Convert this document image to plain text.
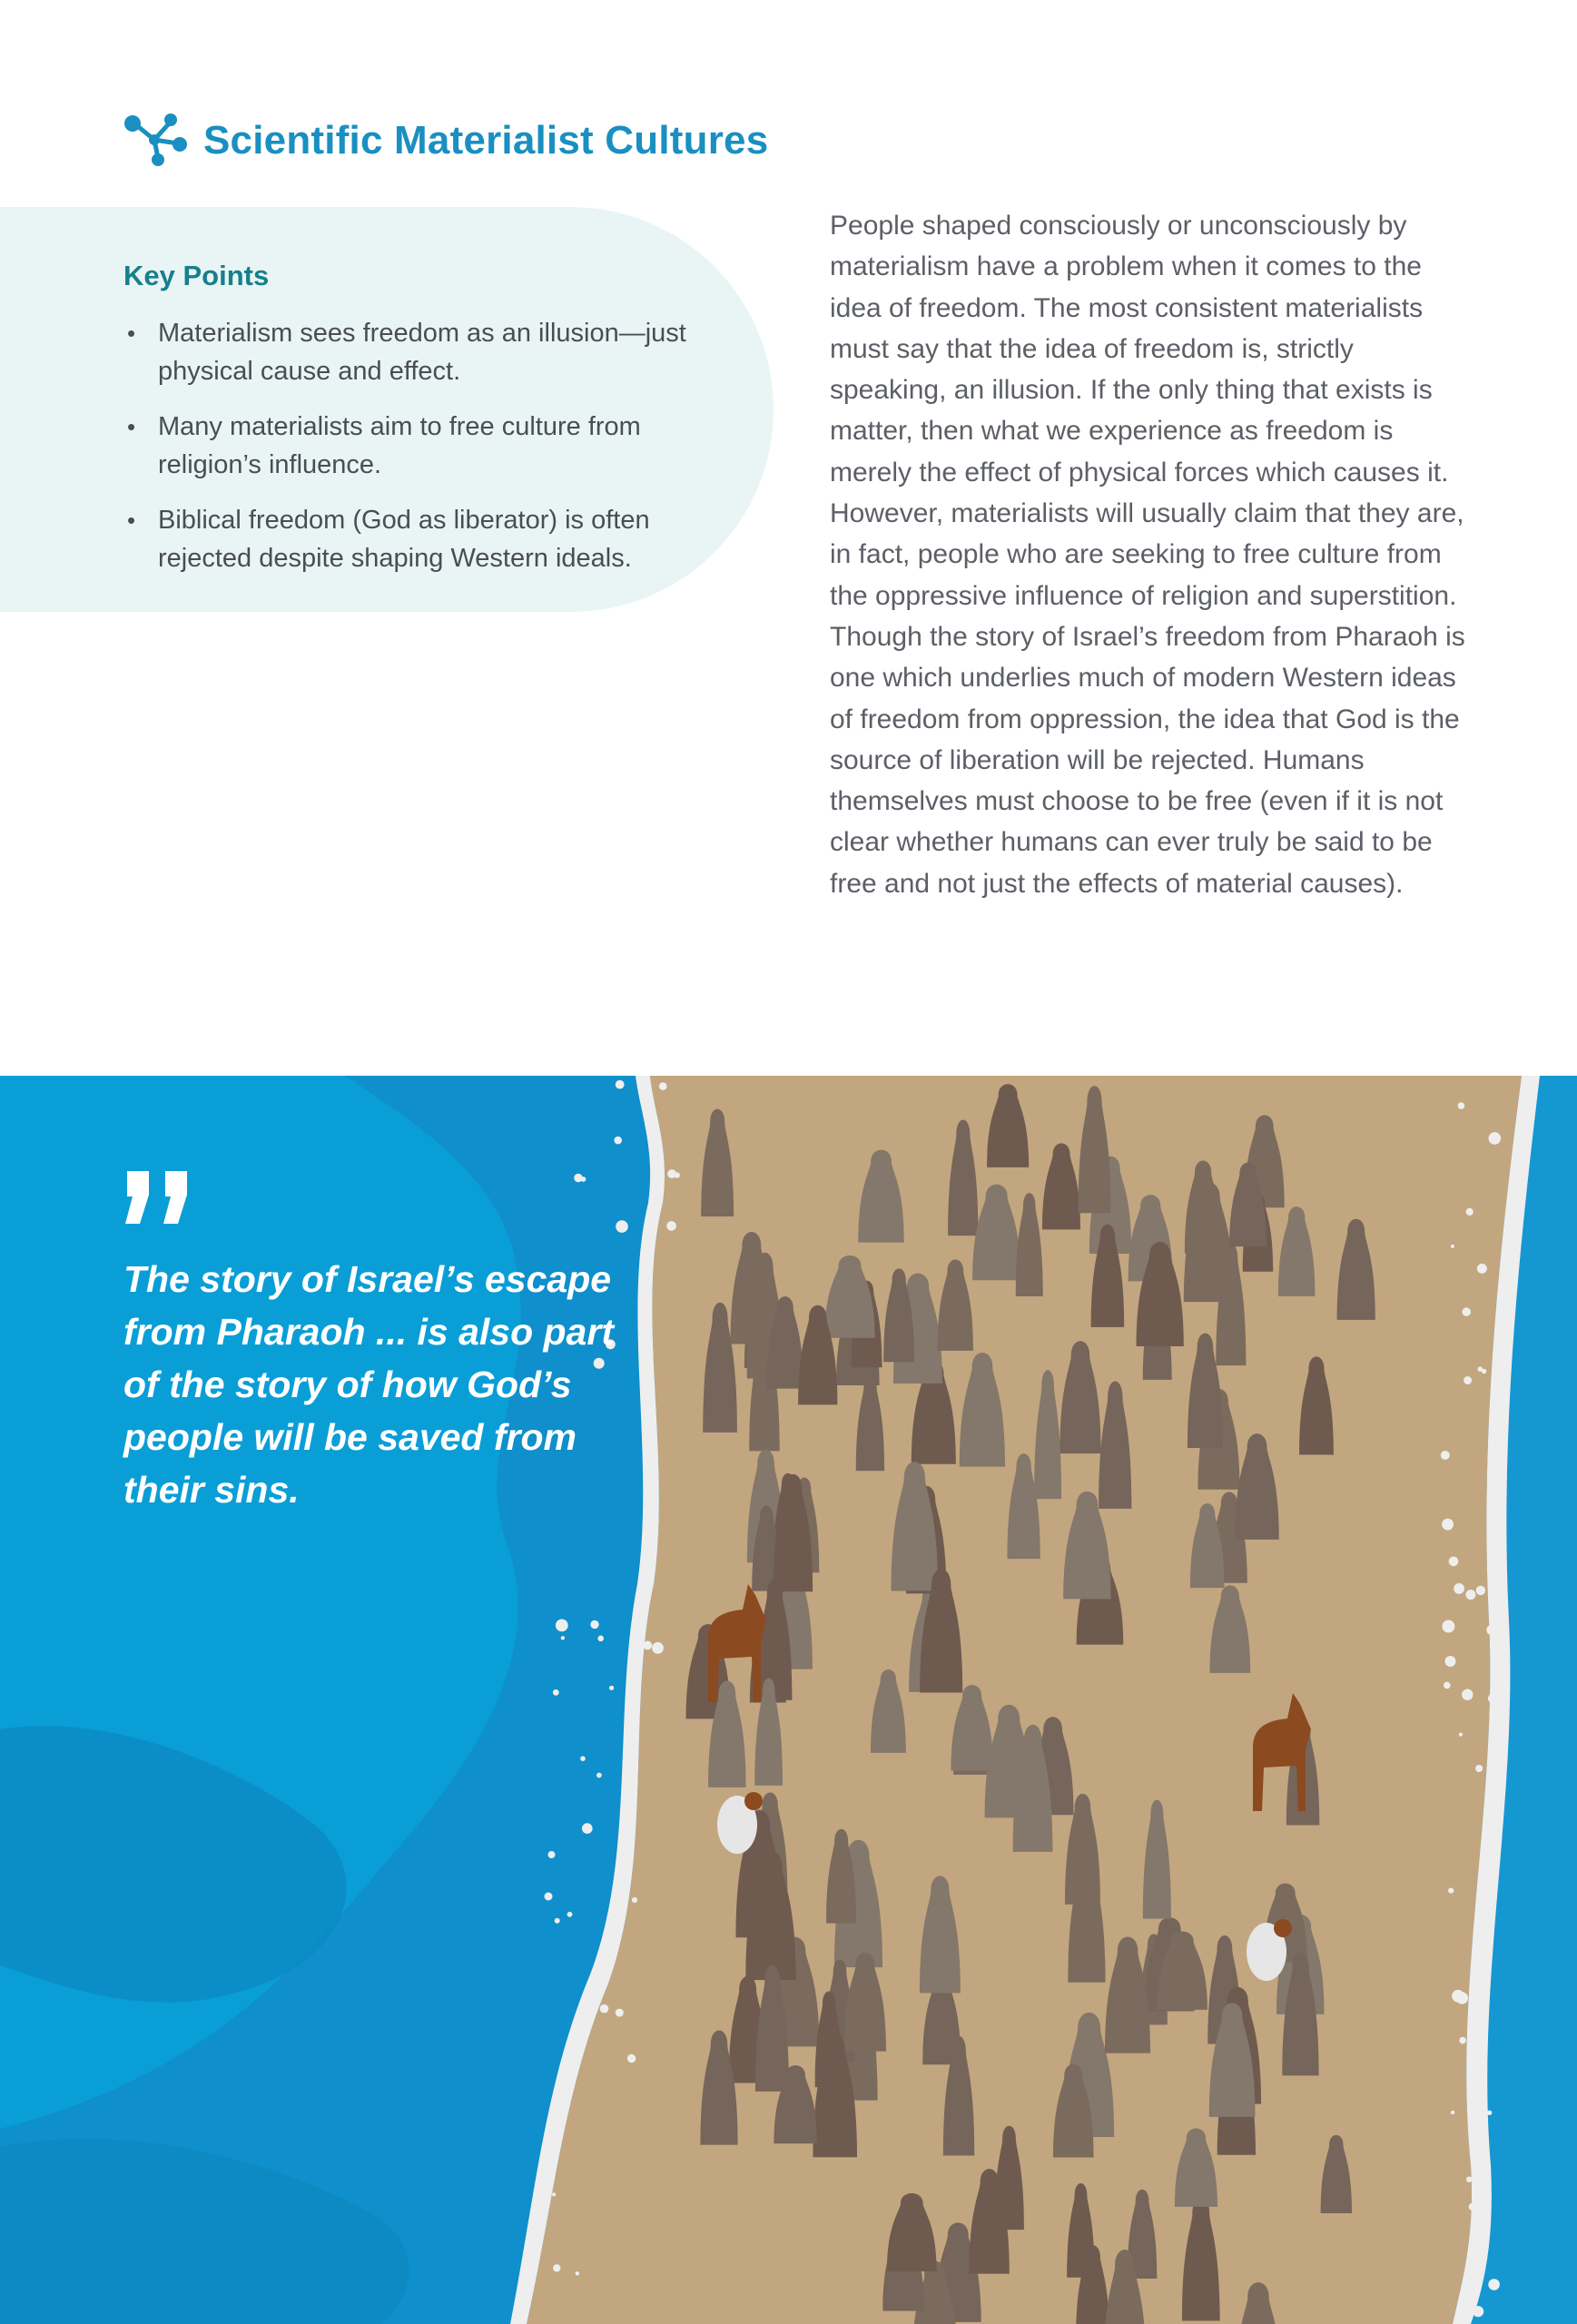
Scientific Materialist Cultures
Key Points
• Materialism sees freedom as an illusion—just physical cause and effect.
• Many materialists aim to free culture from religion’s influence.
• Biblical freedom (God as liberator) is often rejected despite shaping Western ideals.

People shaped consciously or unconsciously by materialism have a problem when it comes to the idea of freedom. The most consistent materialists must say that the idea of freedom is, strictly speaking, an illusion. If the only thing that exists is matter, then what we experience as freedom is merely the effect of physical forces which causes it. However, materialists will usually claim that they are, in fact, people who are seeking to free culture from the oppressive influence of religion and superstition. Though the story of Israel’s freedom from Pharaoh is one which underlies much of modern Western ideas of freedom from oppression, the idea that God is the source of liberation will be rejected. Humans themselves must choose to be free (even if it is not clear whether humans can ever truly be said to be free and not just the effects of material causes).

The story of Israel’s escape from Pharaoh ... is also part of the story of how God’s people will be saved from their sins.
